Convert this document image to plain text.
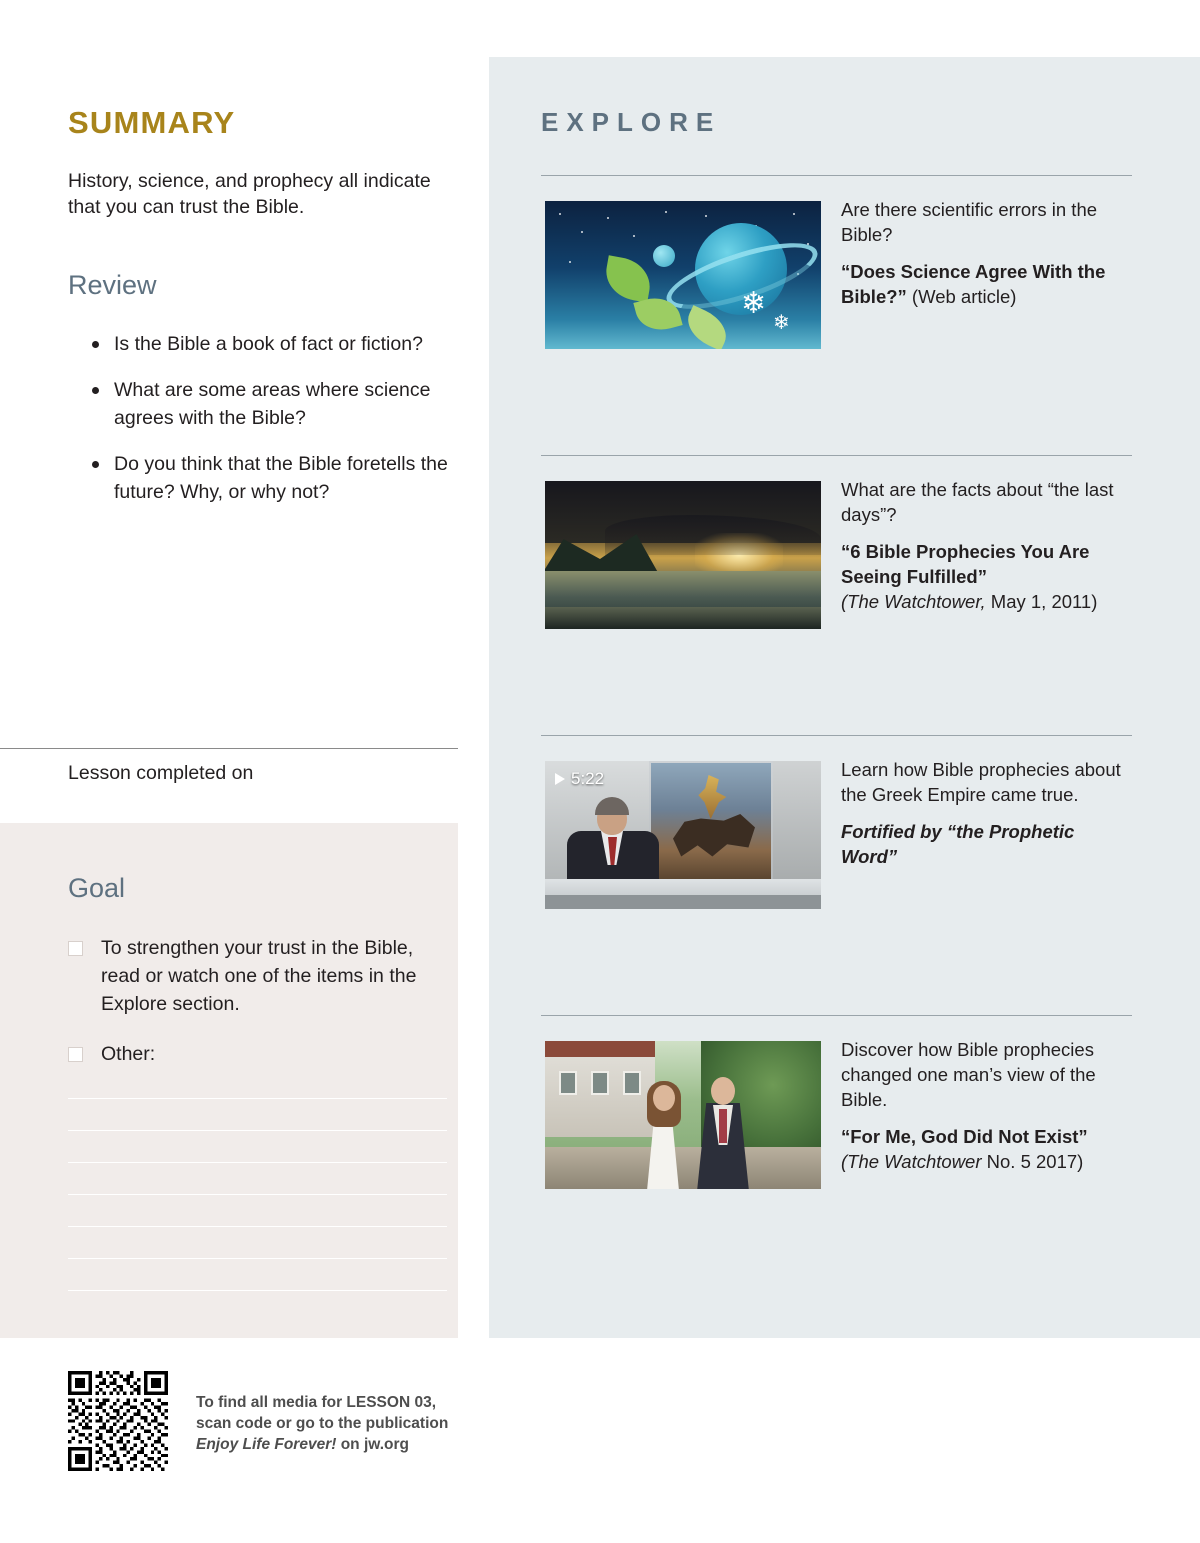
SUMMARY
History, science, and prophecy all indicate that you can trust the Bible.
Review
Is the Bible a book of fact or fiction?
What are some areas where science agrees with the Bible?
Do you think that the Bible foretells the future? Why, or why not?
Lesson completed on
Goal
To strengthen your trust in the Bible, read or watch one of the items in the Explore section.
Other:
To find all media for LESSON 03,
scan code or go to the publication
Enjoy Life Forever! on jw.org
EXPLORE
❄
❄
Are there scientific errors in the Bible?
“Does Science Agree With the Bible?” (Web article)
What are the facts about “the last days”?
“6 Bible Prophecies You Are Seeing Fulfilled”
(The Watchtower, May 1, 2011)
5:22	Learn how Bible prophecies about the Greek Empire came true.
Fortified by “the Prophetic Word”
Discover how Bible prophecies changed one man’s view of the Bible.
“For Me, God Did Not Exist”
(The Watchtower No. 5 2017)
